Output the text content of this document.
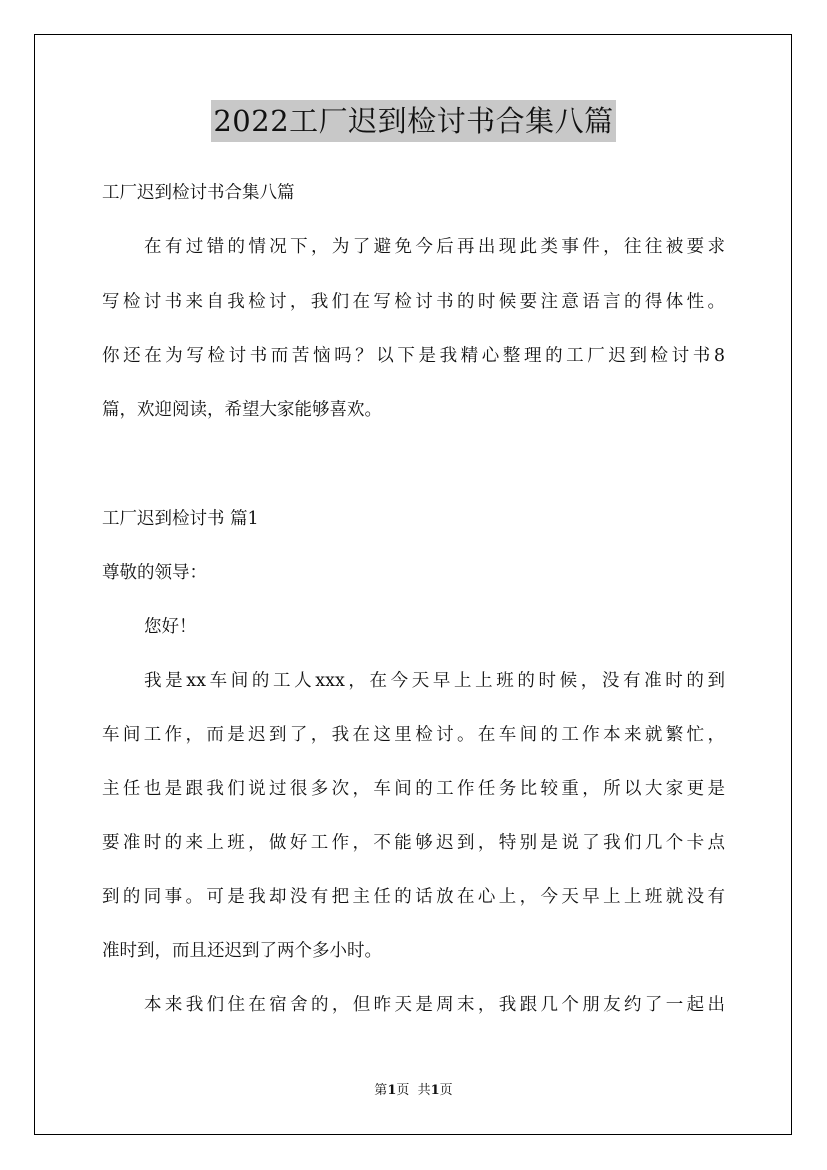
2022工厂迟到检讨书合集八篇
工厂迟到检讨书合集八篇
在有过错的情况下，为了避免今后再出现此类事件，往往被要求
写检讨书来自我检讨，我们在写检讨书的时候要注意语言的得体性。
你还在为写检讨书而苦恼吗？以下是我精心整理的工厂迟到检讨书8
篇，欢迎阅读，希望大家能够喜欢。
工厂迟到检讨书 篇1
尊敬的领导：
您好！
我是xx车间的工人xxx，在今天早上上班的时候，没有准时的到
车间工作，而是迟到了，我在这里检讨。在车间的工作本来就繁忙，
主任也是跟我们说过很多次，车间的工作任务比较重，所以大家更是
要准时的来上班，做好工作，不能够迟到，特别是说了我们几个卡点
到的同事。可是我却没有把主任的话放在心上，今天早上上班就没有
准时到，而且还迟到了两个多小时。
本来我们住在宿舍的，但昨天是周末，我跟几个朋友约了一起出
第1页  共1页
